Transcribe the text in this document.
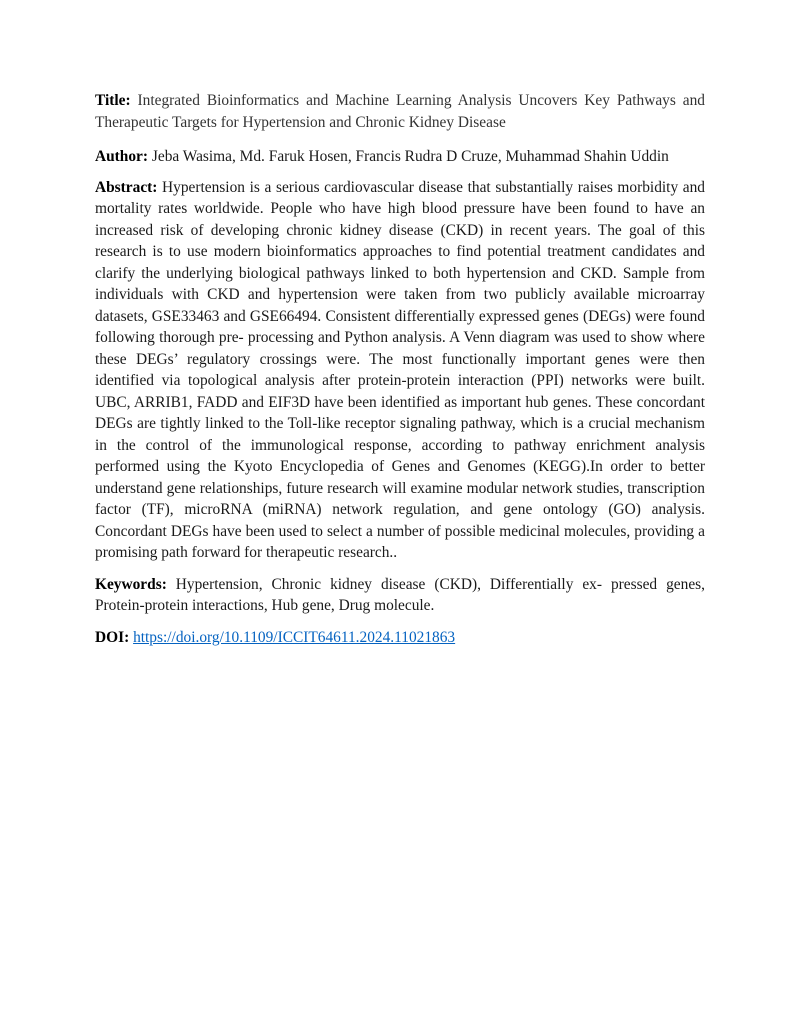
Title: Integrated Bioinformatics and Machine Learning Analysis Uncovers Key Pathways and Therapeutic Targets for Hypertension and Chronic Kidney Disease

Author: Jeba Wasima, Md. Faruk Hosen, Francis Rudra D Cruze, Muhammad Shahin Uddin

Abstract: Hypertension is a serious cardiovascular disease that substantially raises morbidity and mortality rates worldwide. People who have high blood pressure have been found to have an increased risk of developing chronic kidney disease (CKD) in recent years. The goal of this research is to use modern bioinformatics approaches to find potential treatment candidates and clarify the underlying biological pathways linked to both hypertension and CKD. Sample from individuals with CKD and hypertension were taken from two publicly available microarray datasets, GSE33463 and GSE66494. Consistent differentially expressed genes (DEGs) were found following thorough pre- processing and Python analysis. A Venn diagram was used to show where these DEGs’ regulatory crossings were. The most functionally important genes were then identified via topological analysis after protein-protein interaction (PPI) networks were built. UBC, ARRIB1, FADD and EIF3D have been identified as important hub genes. These concordant DEGs are tightly linked to the Toll-like receptor signaling pathway, which is a crucial mechanism in the control of the immunological response, according to pathway enrichment analysis performed using the Kyoto Encyclopedia of Genes and Genomes (KEGG).In order to better understand gene relationships, future research will examine modular network studies, transcription factor (TF), microRNA (miRNA) network regulation, and gene ontology (GO) analysis. Concordant DEGs have been used to select a number of possible medicinal molecules, providing a promising path forward for therapeutic research..

Keywords: Hypertension, Chronic kidney disease (CKD), Differentially ex- pressed genes, Protein-protein interactions, Hub gene, Drug molecule.

DOI: https://doi.org/10.1109/ICCIT64611.2024.11021863
